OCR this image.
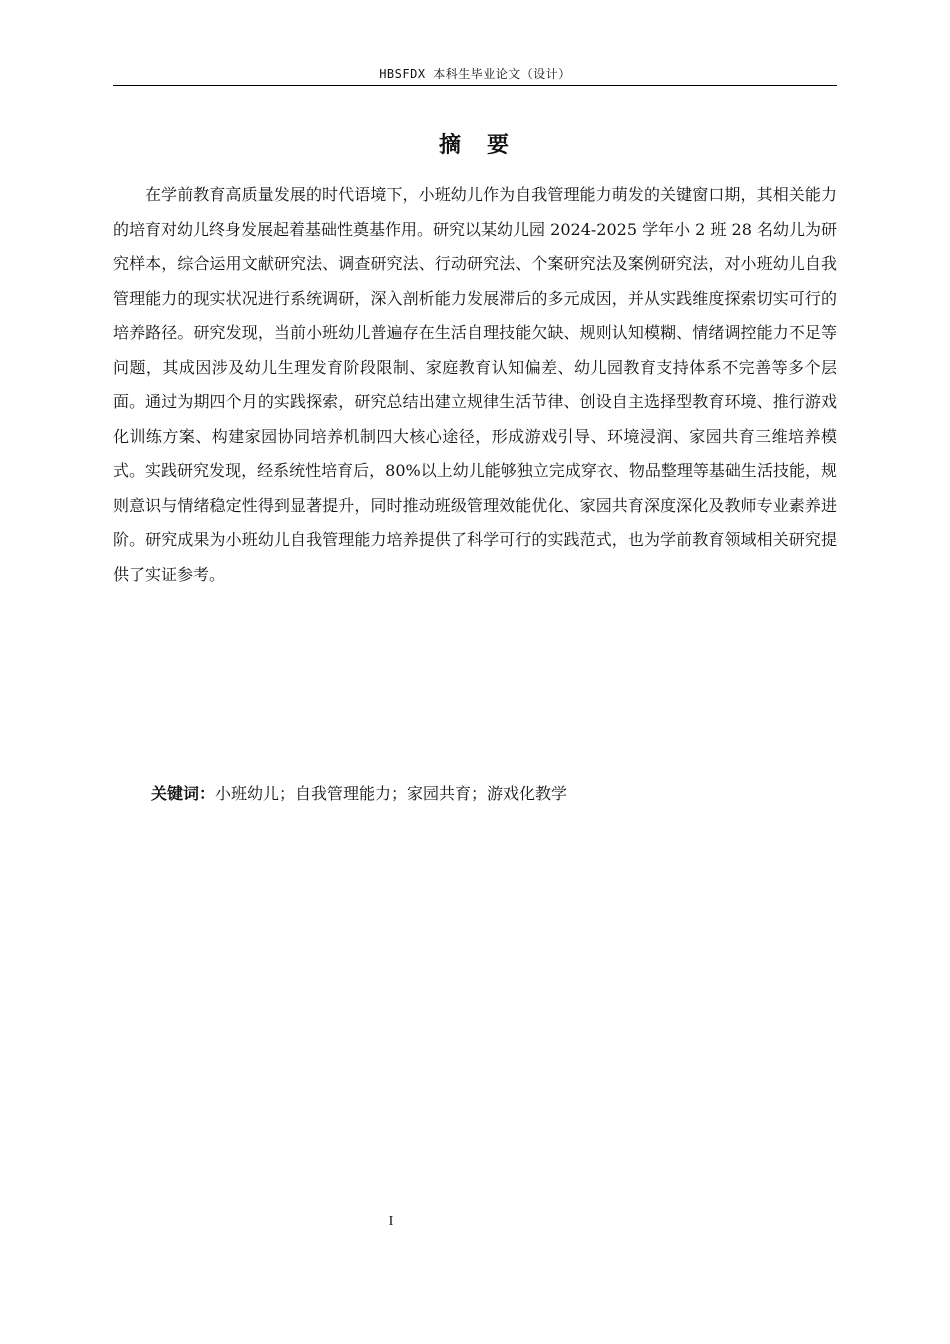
HBSFDX 本科生毕业论文（设计）
摘　要

在学前教育高质量发展的时代语境下，小班幼儿作为自我管理能力萌发的关键窗口期，其相关能力的培育对幼儿终身发展起着基础性奠基作用。研究以某幼儿园 2024-2025 学年小 2 班 28 名幼儿为研究样本，综合运用文献研究法、调查研究法、行动研究法、个案研究法及案例研究法，对小班幼儿自我管理能力的现实状况进行系统调研，深入剖析能力发展滞后的多元成因，并从实践维度探索切实可行的培养路径。研究发现，当前小班幼儿普遍存在生活自理技能欠缺、规则认知模糊、情绪调控能力不足等问题，其成因涉及幼儿生理发育阶段限制、家庭教育认知偏差、幼儿园教育支持体系不完善等多个层面。通过为期四个月的实践探索，研究总结出建立规律生活节律、创设自主选择型教育环境、推行游戏化训练方案、构建家园协同培养机制四大核心途径，形成游戏引导、环境浸润、家园共育三维培养模式。实践研究发现，经系统性培育后，80%以上幼儿能够独立完成穿衣、物品整理等基础生活技能，规则意识与情绪稳定性得到显著提升，同时推动班级管理效能优化、家园共育深度深化及教师专业素养进阶。研究成果为小班幼儿自我管理能力培养提供了科学可行的实践范式，也为学前教育领域相关研究提供了实证参考。

关键词：小班幼儿；自我管理能力；家园共育；游戏化教学
I
